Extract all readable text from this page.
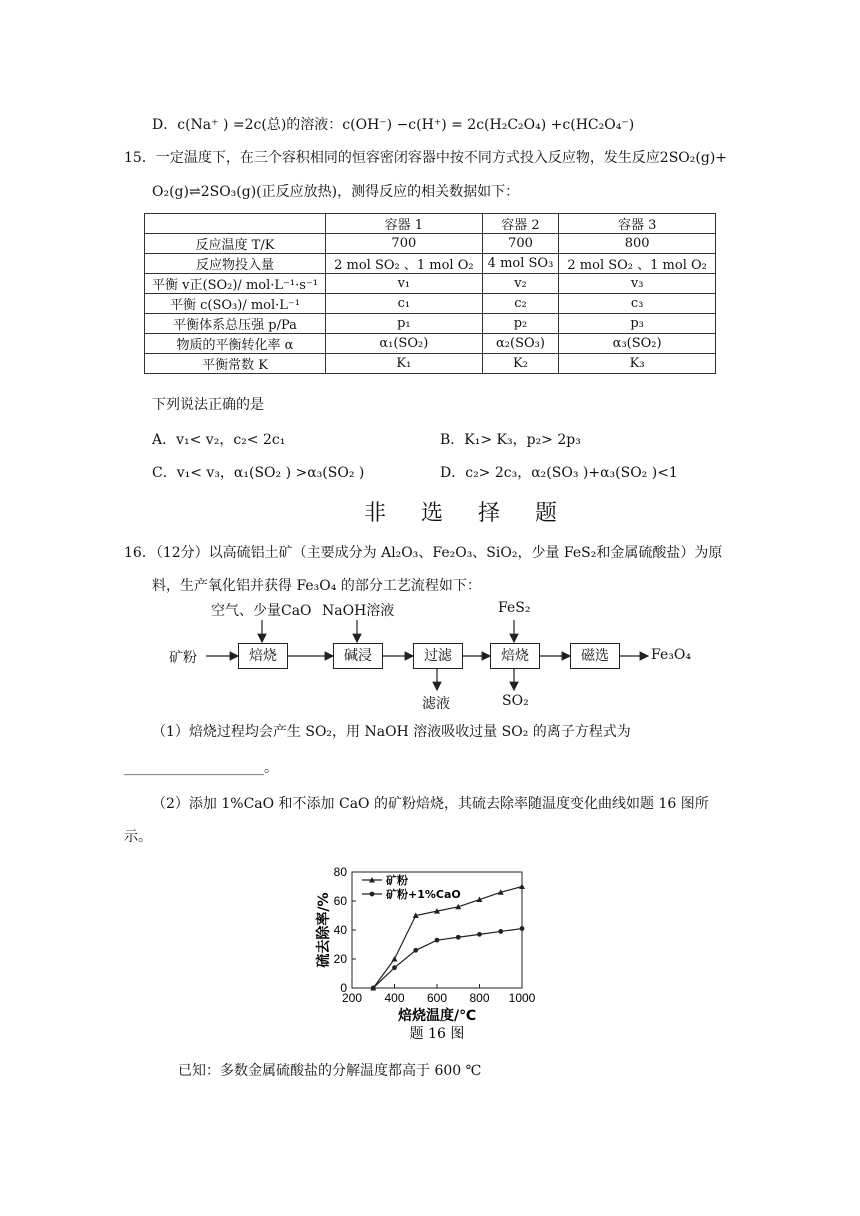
D．c(Na⁺ ) =2c(总)的溶液：c(OH⁻) −c(H⁺) = 2c(H₂C₂O₄) +c(HC₂O₄⁻)
15．一定温度下，在三个容积相同的恒容密闭容器中按不同方式投入反应物，发生反应2SO₂(g)+
O₂(g)⇌2SO₃(g)(正反应放热)，测得反应的相关数据如下：
	容器 1	容器 2	容器 3
反应温度 T/K	700	700	800
反应物投入量	2 mol SO₂ 、1 mol O₂	4 mol SO₃	2 mol SO₂ 、1 mol O₂
平衡 v正(SO₂)/ mol·L⁻¹·s⁻¹	v₁	v₂	v₃
平衡 c(SO₃)/ mol·L⁻¹	c₁	c₂	c₃
平衡体系总压强 p/Pa	p₁	p₂	p₃
物质的平衡转化率 α	α₁(SO₂)	α₂(SO₃)	α₃(SO₂)
平衡常数 K	K₁	K₂	K₃
下列说法正确的是
A．v₁< v₂，c₂< 2c₁	B．K₁> K₃，p₂> 2p₃
C．v₁< v₃，α₁(SO₂ ) >α₃(SO₂ )	D．c₂> 2c₃，α₂(SO₃ )+α₃(SO₂ )<1
非 选 择 题
16．（12分）以高硫铝土矿（主要成分为 Al₂O₃、Fe₂O₃、SiO₂，少量 FeS₂和金属硫酸盐）为原
料，生产氧化铝并获得 Fe₃O₄ 的部分工艺流程如下：
矿粉	焙烧	碱浸	过滤	焙烧	磁选	Fe₃O₄
空气、少量CaO NaOH溶液	FeS₂
滤液	SO₂
（1）焙烧过程均会产生 SO₂，用 NaOH 溶液吸收过量 SO₂ 的离子方程式为
____________________。
（2）添加 1%CaO 和不添加 CaO 的矿粉焙烧，其硫去除率随温度变化曲线如题 16 图所
示。
200 400 600 800 1000
0
20
40
60
80
焙烧温度/℃
硫去除率/%
题 16 图
矿粉
矿粉+1%CaO
已知：多数金属硫酸盐的分解温度都高于 600 ℃
